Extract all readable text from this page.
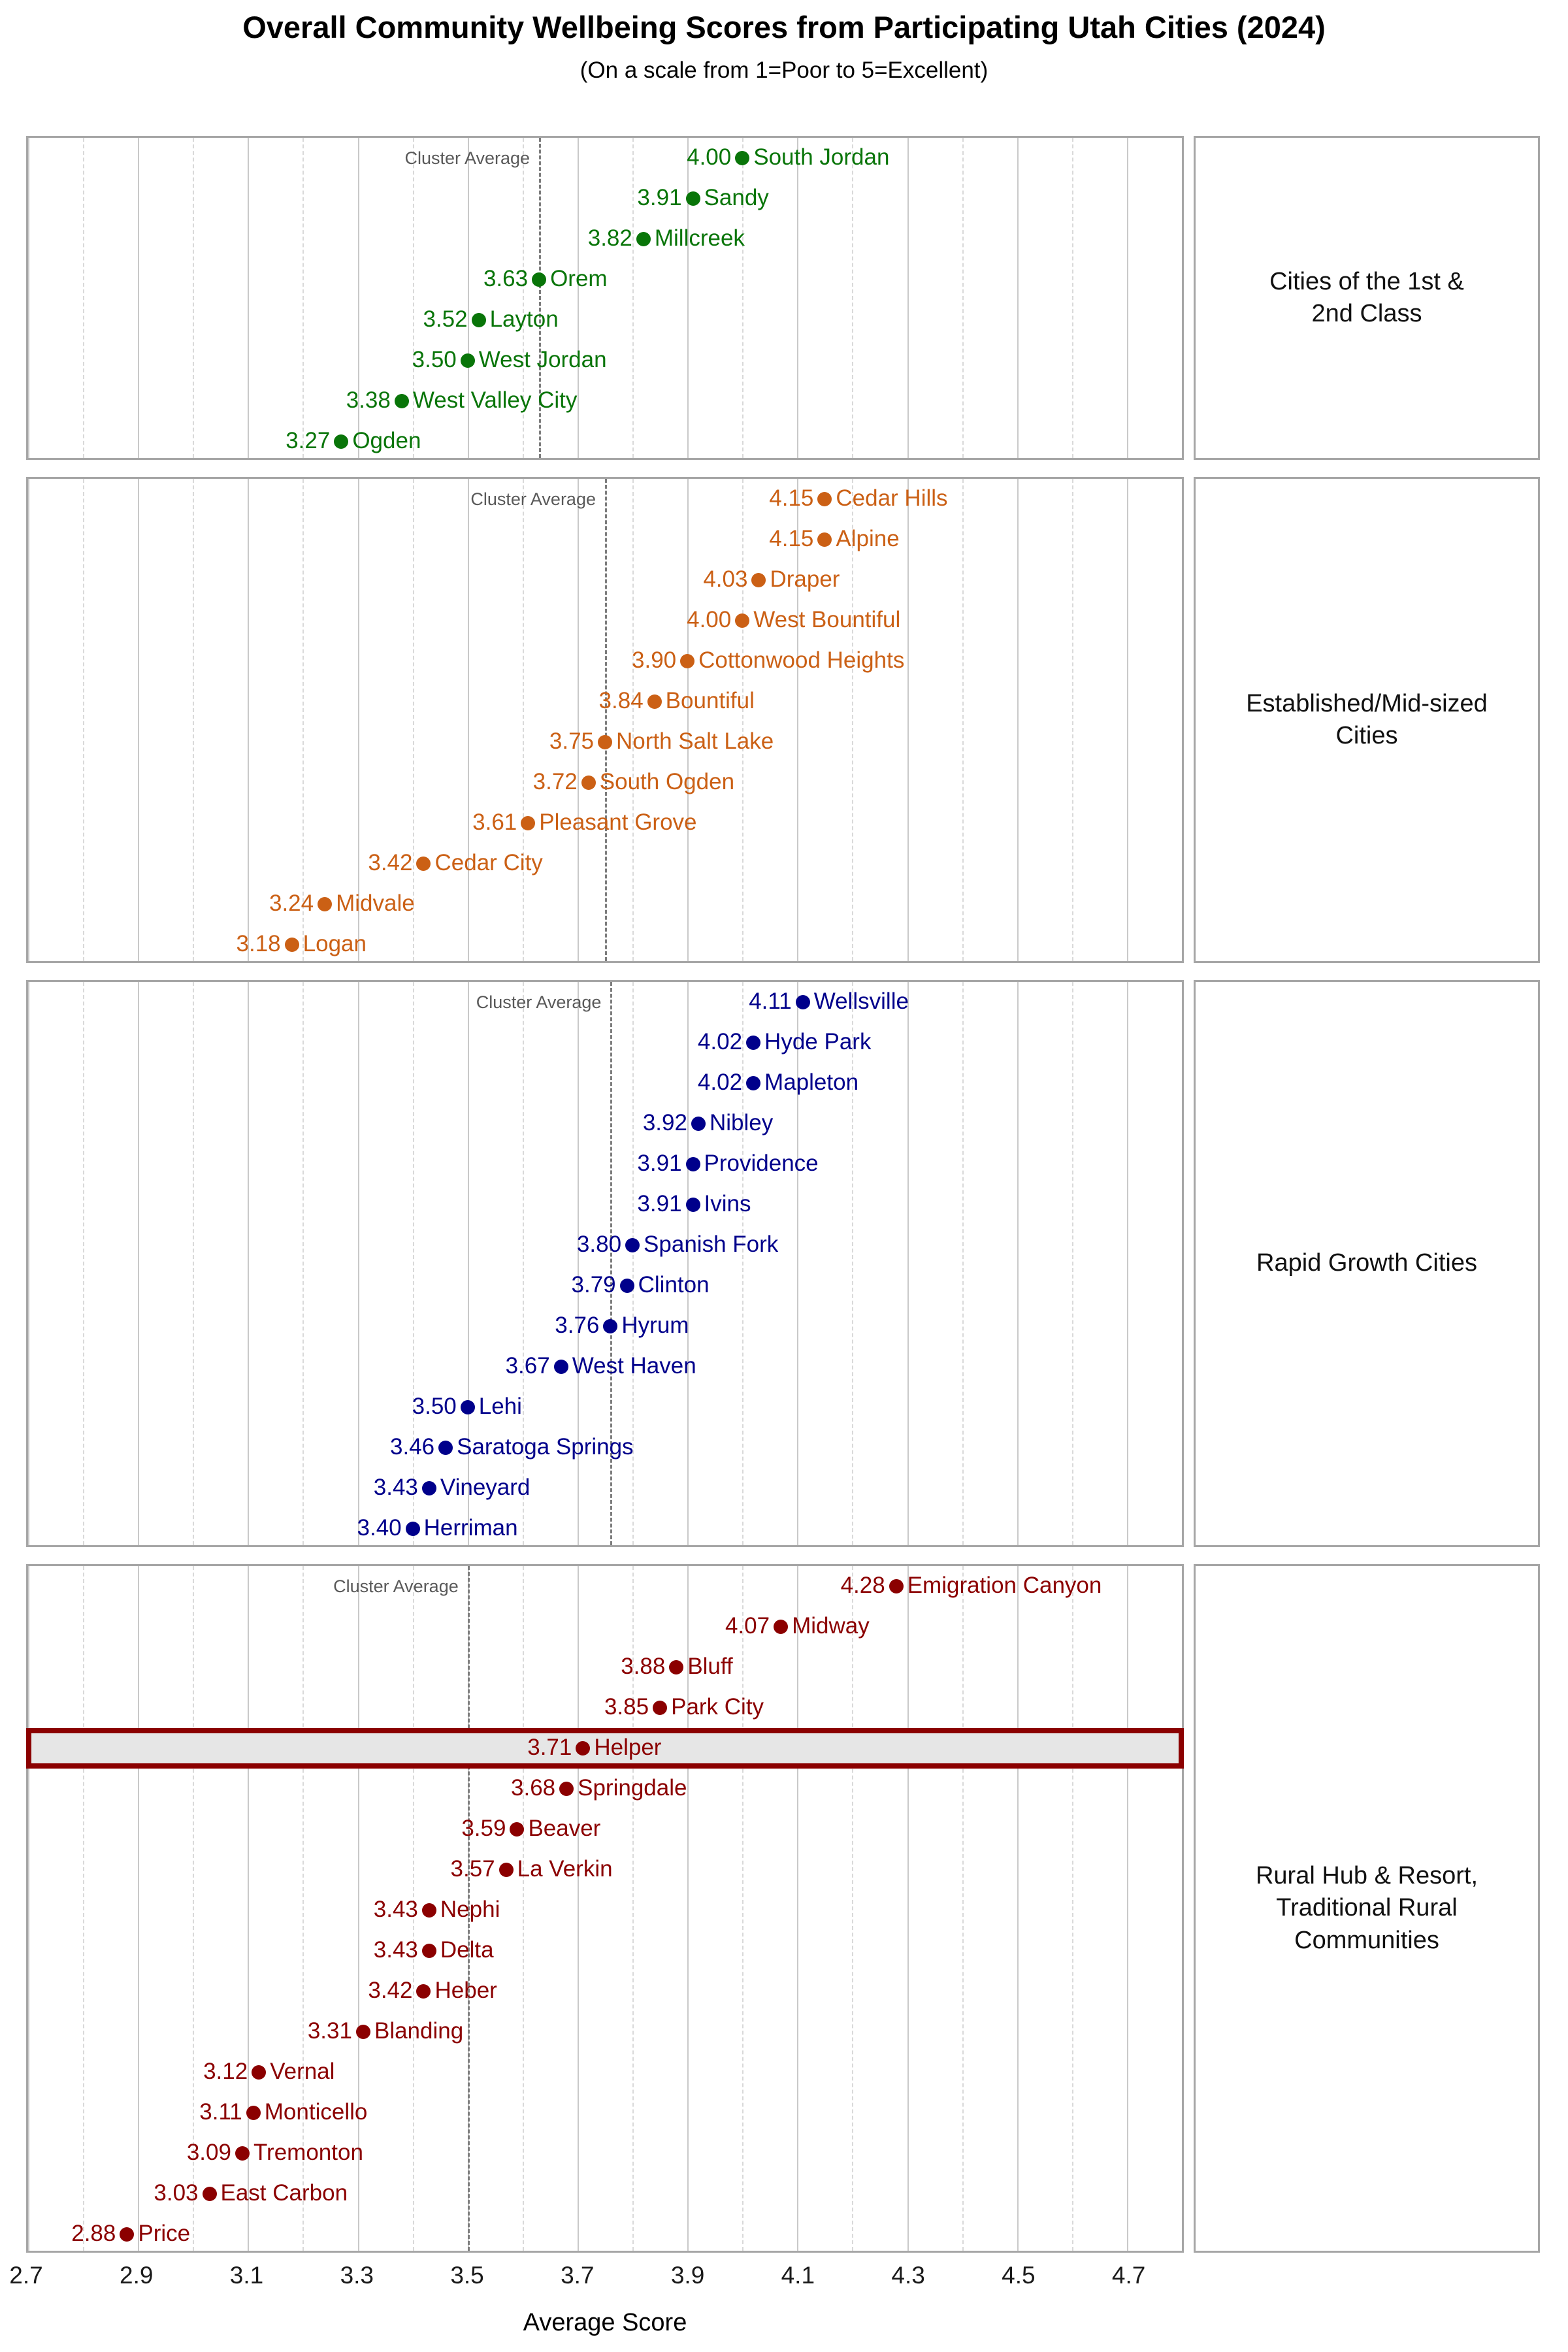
Overall Community Wellbeing Scores from Participating Utah Cities (2024)
(On a scale from 1=Poor to 5=Excellent)
Cluster Average	4.00 South Jordan
3.91 Sandy
3.82 Millcreek
3.63 Orem
3.52 Layton
3.50 West Jordan
3.38 West Valley City
3.27 Ogden
Cities of the 1st &
2nd Class
Cluster Average	4.15 Cedar Hills
4.15 Alpine
4.03 Draper
4.00 West Bountiful
3.90 Cottonwood Heights
3.84 Bountiful
3.75 North Salt Lake
3.72 South Ogden
3.61 Pleasant Grove
3.42 Cedar City
3.24 Midvale
3.18 Logan
Established/Mid-sized
Cities
Cluster Average	4.11 Wellsville
4.02 Hyde Park
4.02 Mapleton
3.92 Nibley
3.91 Providence
3.91 Ivins
3.80 Spanish Fork
3.79 Clinton
3.76 Hyrum
3.67 West Haven
3.50 Lehi
3.46 Saratoga Springs
3.43 Vineyard
3.40 Herriman
Rapid Growth Cities
Cluster Average	4.28 Emigration Canyon
4.07 Midway
3.88 Bluff
3.85 Park City
3.71 Helper
3.68 Springdale
3.59 Beaver
3.57 La Verkin
3.43 Nephi
3.43 Delta
3.42 Heber
3.31 Blanding
3.12 Vernal
3.11 Monticello
3.09 Tremonton
3.03 East Carbon
2.88 Price
Rural Hub & Resort,
Traditional Rural
Communities
2.7	2.9	3.1	3.3	3.5	3.7	3.9	4.1	4.3	4.5	4.7
Average Score
